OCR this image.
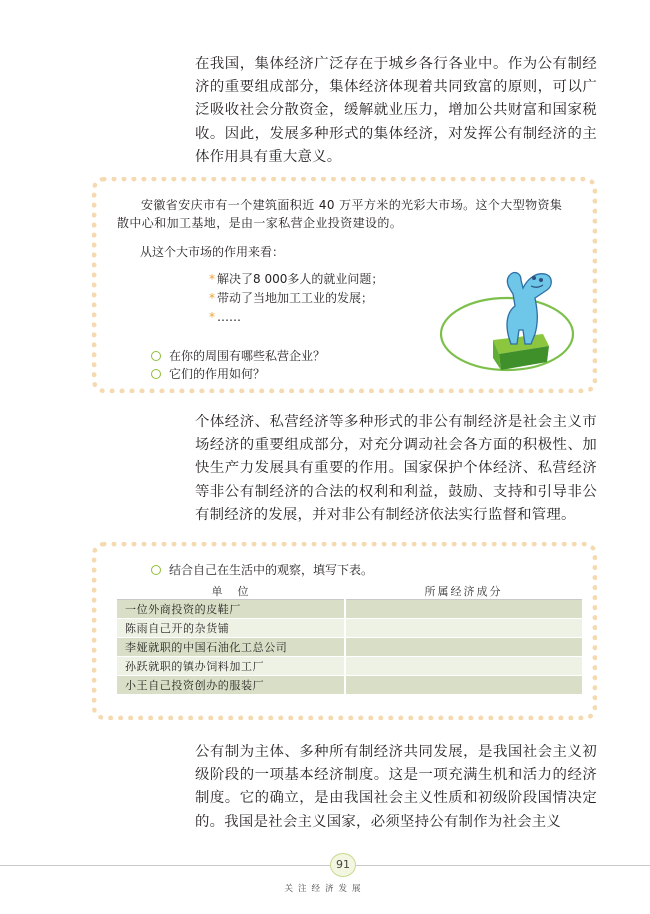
在我国，集体经济广泛存在于城乡各行各业中。作为公有制经济的重要组成部分，集体经济体现着共同致富的原则，可以广泛吸收社会分散资金，缓解就业压力，增加公共财富和国家税收。因此，发展多种形式的集体经济，对发挥公有制经济的主体作用具有重大意义。

安徽省安庆市有一个建筑面积近 40 万平方米的光彩大市场。这个大型物资集散中心和加工基地，是由一家私营企业投资建设的。
从这个大市场的作用来看：
* 解决了8 000多人的就业问题；
* 带动了当地加工工业的发展；
* ……
在你的周围有哪些私营企业？
它们的作用如何？

个体经济、私营经济等多种形式的非公有制经济是社会主义市场经济的重要组成部分，对充分调动社会各方面的积极性、加快生产力发展具有重要的作用。国家保护个体经济、私营经济等非公有制经济的合法的权利和利益，鼓励、支持和引导非公有制经济的发展，并对非公有制经济依法实行监督和管理。

结合自己在生活中的观察，填写下表。
单　位	所属经济成分
一位外商投资的皮鞋厂	
陈雨自己开的杂货铺	
李娅就职的中国石油化工总公司	
孙跃就职的镇办饲料加工厂	
小王自己投资创办的服装厂	

公有制为主体、多种所有制经济共同发展，是我国社会主义初级阶段的一项基本经济制度。这是一项充满生机和活力的经济制度。它的确立，是由我国社会主义性质和初级阶段国情决定的。我国是社会主义国家，必须坚持公有制作为社会主义

91
关注经济发展
